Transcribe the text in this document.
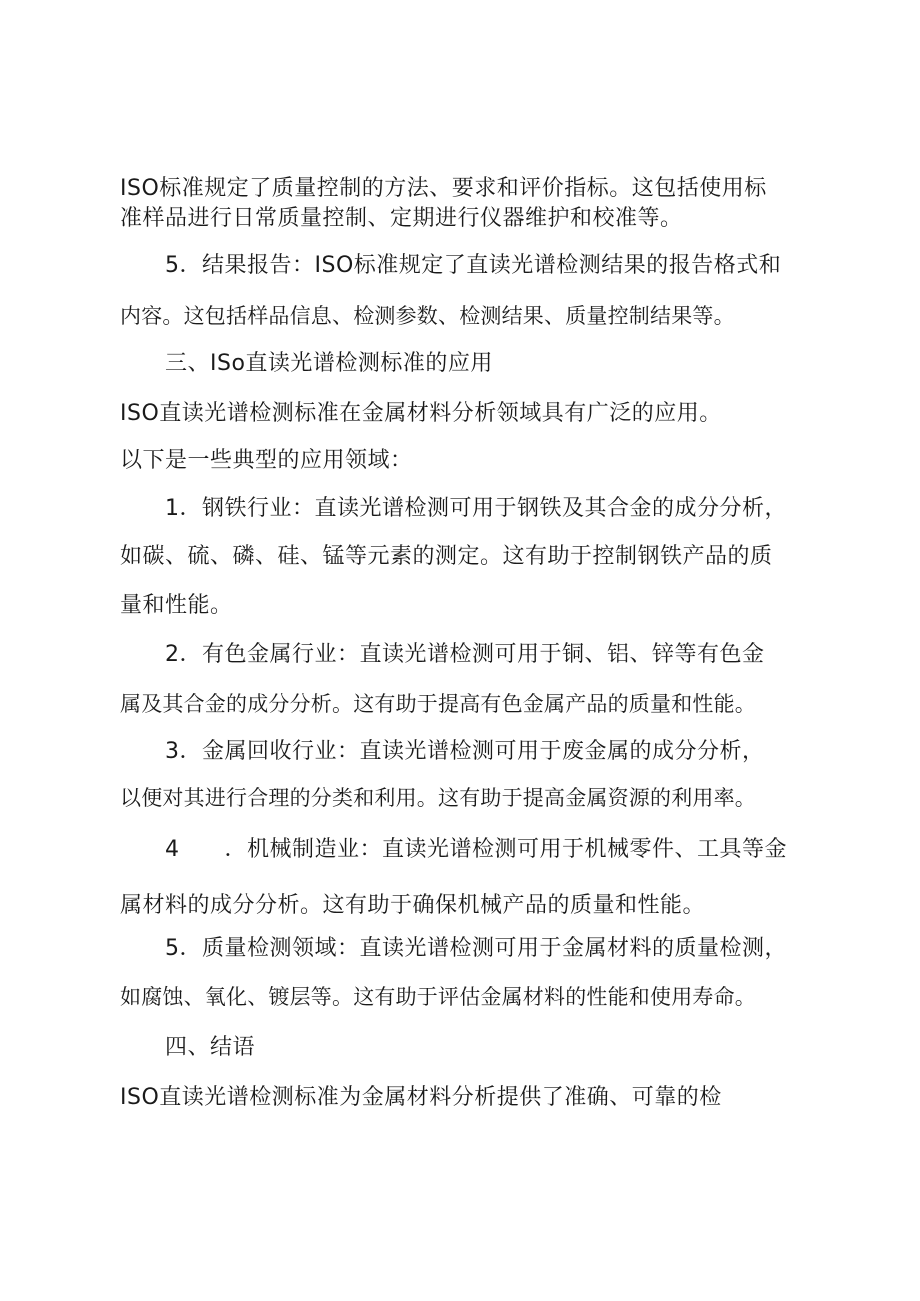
ISO标准规定了质量控制的方法、要求和评价指标。这包括使用标

准样品进行日常质量控制、定期进行仪器维护和校准等。

5．结果报告：ISO标准规定了直读光谱检测结果的报告格式和

内容。这包括样品信息、检测参数、检测结果、质量控制结果等。

三、ISo直读光谱检测标准的应用

ISO直读光谱检测标准在金属材料分析领域具有广泛的应用。

以下是一些典型的应用领域：

1．钢铁行业：直读光谱检测可用于钢铁及其合金的成分分析，

如碳、硫、磷、硅、锰等元素的测定。这有助于控制钢铁产品的质

量和性能。

2．有色金属行业：直读光谱检测可用于铜、铝、锌等有色金

属及其合金的成分分析。这有助于提高有色金属产品的质量和性能。

3．金属回收行业：直读光谱检测可用于废金属的成分分析，

以便对其进行合理的分类和利用。这有助于提高金属资源的利用率。

4　　．机械制造业：直读光谱检测可用于机械零件、工具等金

属材料的成分分析。这有助于确保机械产品的质量和性能。

5．质量检测领域：直读光谱检测可用于金属材料的质量检测，

如腐蚀、氧化、镀层等。这有助于评估金属材料的性能和使用寿命。

四、结语

ISO直读光谱检测标准为金属材料分析提供了准确、可靠的检
